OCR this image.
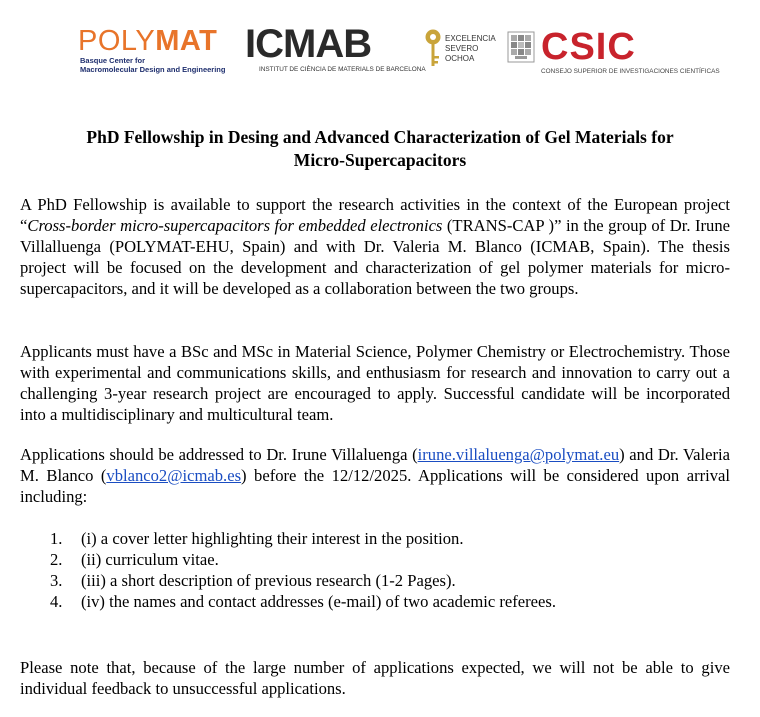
POLYMAT
Basque Center for
Macromolecular Design and Engineering
ICMAB
INSTITUT DE CIÈNCIA DE MATERIALS DE BARCELONA
EXCELENCIA
SEVERO
OCHOA	CSIC
CONSEJO SUPERIOR DE INVESTIGACIONES CIENTÍFICAS
PhD Fellowship in Desing and Advanced Characterization of Gel Materials for
Micro-Supercapacitors
A PhD Fellowship is available to support the research activities in the context of the European project “Cross-border micro-supercapacitors for embedded electronics (TRANS-CAP )” in the group of Dr. Irune Villalluenga (POLYMAT-EHU, Spain) and with Dr. Valeria M. Blanco (ICMAB, Spain). The thesis project will be focused on the development and characterization of gel polymer materials for micro-supercapacitors, and it will be developed as a collaboration between the two groups.
Applicants must have a BSc and MSc in Material Science, Polymer Chemistry or Electrochemistry. Those with experimental and communications skills, and enthusiasm for research and innovation to carry out a challenging 3-year research project are encouraged to apply. Successful candidate will be incorporated into a multidisciplinary and multicultural team.
Applications should be addressed to Dr. Irune Villaluenga (irune.villaluenga@polymat.eu) and Dr. Valeria M. Blanco (vblanco2@icmab.es) before the 12/12/2025. Applications will be considered upon arrival including:
1. (i) a cover letter highlighting their interest in the position.
2. (ii) curriculum vitae.
3. (iii) a short description of previous research (1-2 Pages).
4. (iv) the names and contact addresses (e-mail) of two academic referees.
Please note that, because of the large number of applications expected, we will not be able to give individual feedback to unsuccessful applications.
